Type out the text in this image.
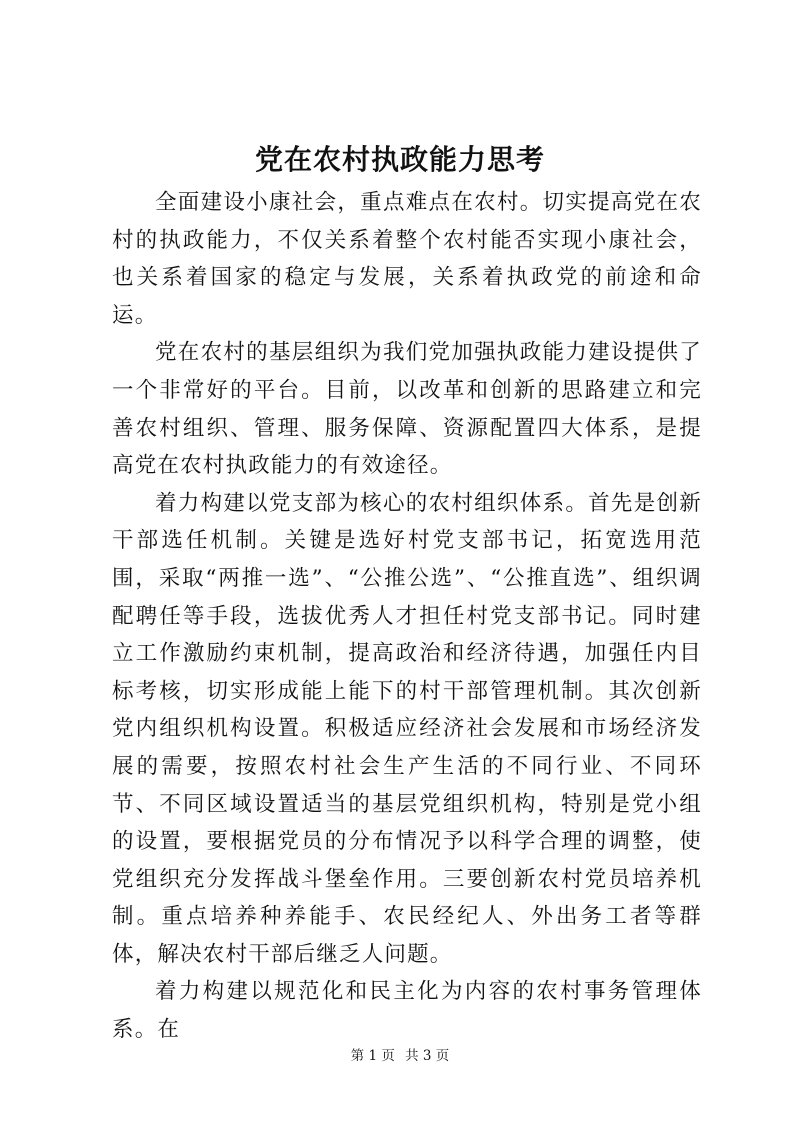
党在农村执政能力思考

全面建设小康社会，重点难点在农村。切实提高党在农村的执政能力，不仅关系着整个农村能否实现小康社会，也关系着国家的稳定与发展，关系着执政党的前途和命运。

党在农村的基层组织为我们党加强执政能力建设提供了一个非常好的平台。目前，以改革和创新的思路建立和完善农村组织、管理、服务保障、资源配置四大体系，是提高党在农村执政能力的有效途径。

着力构建以党支部为核心的农村组织体系。首先是创新干部选任机制。关键是选好村党支部书记，拓宽选用范围，采取“两推一选”、“公推公选”、“公推直选”、组织调配聘任等手段，选拔优秀人才担任村党支部书记。同时建立工作激励约束机制，提高政治和经济待遇，加强任内目标考核，切实形成能上能下的村干部管理机制。其次创新党内组织机构设置。积极适应经济社会发展和市场经济发展的需要，按照农村社会生产生活的不同行业、不同环节、不同区域设置适当的基层党组织机构，特别是党小组的设置，要根据党员的分布情况予以科学合理的调整，使党组织充分发挥战斗堡垒作用。三要创新农村党员培养机制。重点培养种养能手、农民经纪人、外出务工者等群体，解决农村干部后继乏人问题。

着力构建以规范化和民主化为内容的农村事务管理体系。在

第 1 页 共 3 页
